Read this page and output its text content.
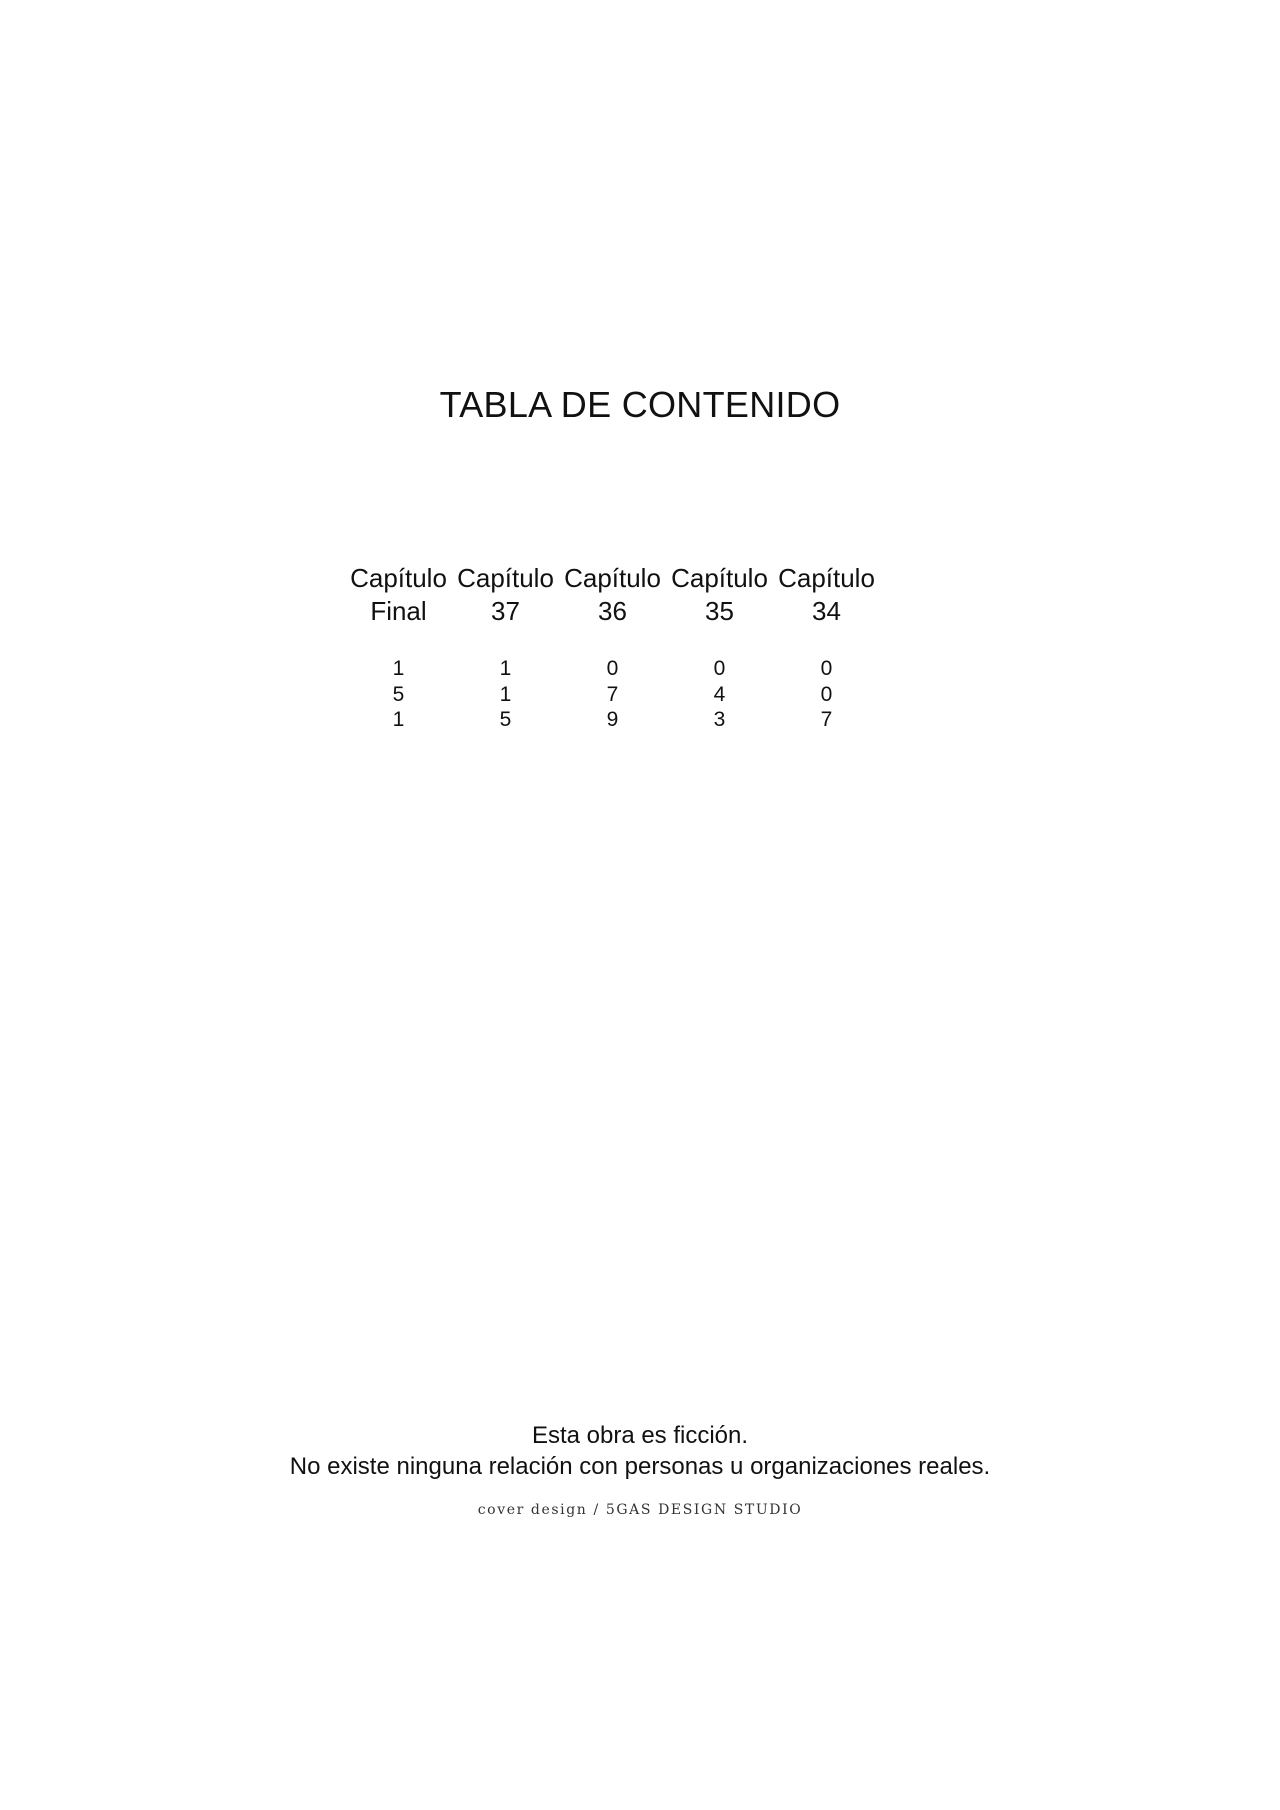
TABLA DE CONTENIDO
Capítulo
Final
1
5
1
Capítulo
37
1
1
5
Capítulo
36
0
7
9
Capítulo
35
0
4
3
Capítulo
34
0
0
7
Esta obra es ficción.
No existe ninguna relación con personas u organizaciones reales.
cover design / 5GAS DESIGN STUDIO
